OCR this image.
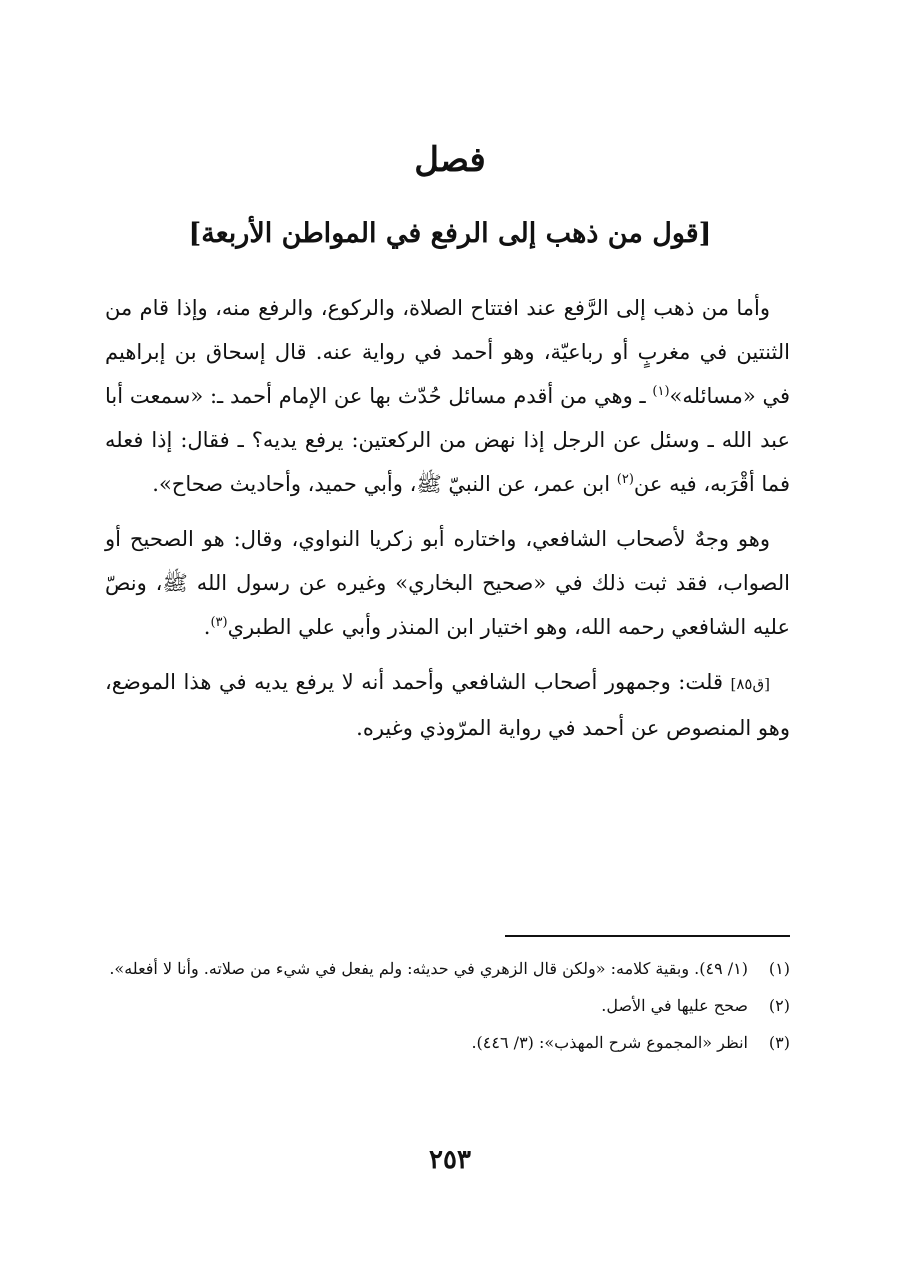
فصل
[قول من ذهب إلى الرفع في المواطن الأربعة]

وأما من ذهب إلى الرَّفع عند افتتاح الصلاة، والركوع، والرفع منه، وإذا قام من الثنتين في مغربٍ أو رباعيّة، وهو أحمد في رواية عنه. قال إسحاق بن إبراهيم في «مسائله»$^{(١)}$ ـ وهي من أقدم مسائل حُدّث بها عن الإمام أحمد ـ: «سمعت أبا عبد الله ـ وسئل عن الرجل إذا نهض من الركعتين: يرفع يديه؟ ـ فقال: إذا فعله فما أقْرَبه، فيه عن$^{(٢)}$ ابن عمر، عن النبيّ ﷺ، وأبي حميد، وأحاديث صحاح».

وهو وجهٌ لأصحاب الشافعي، واختاره أبو زكريا النواوي، وقال: هو الصحيح أو الصواب، فقد ثبت ذلك في «صحيح البخاري» وغيره عن رسول الله ﷺ، ونصّ عليه الشافعي رحمه الله، وهو اختيار ابن المنذر وأبي علي الطبري$^{(٣)}$.

[ق٨٥] قلت: وجمهور أصحاب الشافعي وأحمد أنه لا يرفع يديه في هذا الموضع، وهو المنصوص عن أحمد في رواية المرّوذي وغيره.

(١)
(١/ ٤٩). وبقية كلامه: «ولكن قال الزهري في حديثه: ولم يفعل في شيء من صلاته. وأنا لا أفعله».
(٢)
صحح عليها في الأصل.
(٣)
انظر «المجموع شرح المهذب»: (٣/ ٤٤٦).
٢٥٣
